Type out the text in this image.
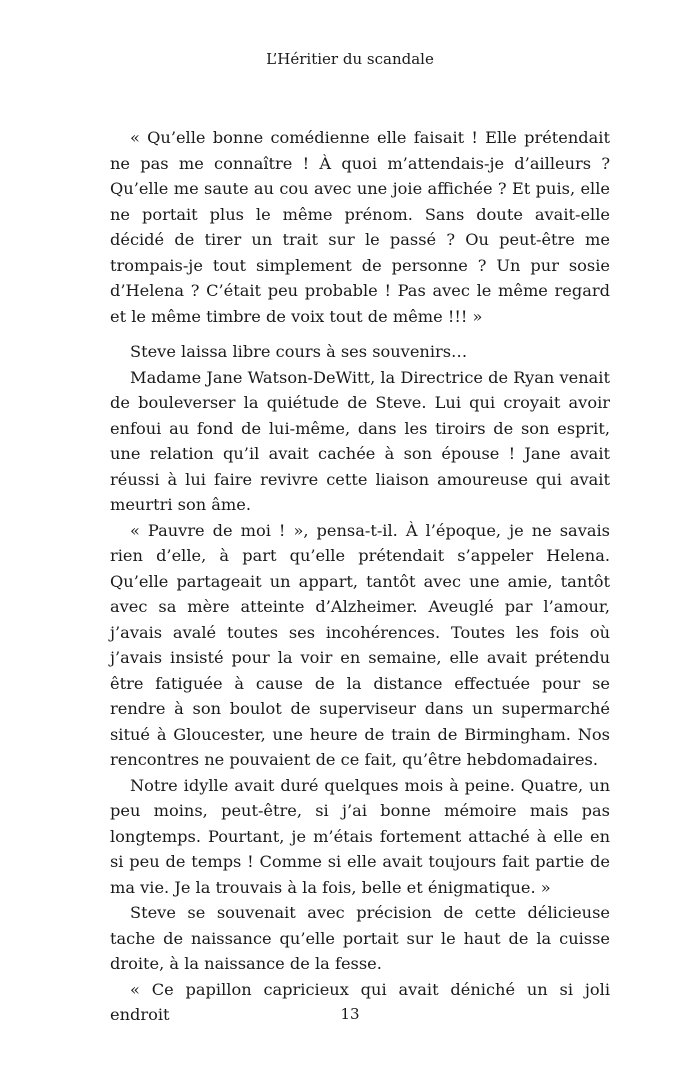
L’Héritier du scandale

« Qu’elle bonne comédienne elle faisait ! Elle prétendait ne pas me connaître ! À quoi m’attendais-je d’ailleurs ? Qu’elle me saute au cou avec une joie affichée ? Et puis, elle ne portait plus le même prénom. Sans doute avait-elle décidé de tirer un trait sur le passé ? Ou peut-être me trompais-je tout simplement de personne ? Un pur sosie d’Helena ? C’était peu probable ! Pas avec le même regard et le même timbre de voix tout de même !!! »

Steve laissa libre cours à ses souvenirs…

Madame Jane Watson-DeWitt, la Directrice de Ryan venait de bouleverser la quiétude de Steve. Lui qui croyait avoir enfoui au fond de lui-même, dans les tiroirs de son esprit, une relation qu’il avait cachée à son épouse ! Jane avait réussi à lui faire revivre cette liaison amoureuse qui avait meurtri son âme.

« Pauvre de moi ! », pensa-t-il. À l’époque, je ne savais rien d’elle, à part qu’elle prétendait s’appeler Helena. Qu’elle partageait un appart, tantôt avec une amie, tantôt avec sa mère atteinte d’Alzheimer. Aveuglé par l’amour, j’avais avalé toutes ses incohérences. Toutes les fois où j’avais insisté pour la voir en semaine, elle avait prétendu être fatiguée à cause de la distance effectuée pour se rendre à son boulot de superviseur dans un supermarché situé à Gloucester, une heure de train de Birmingham. Nos rencontres ne pouvaient de ce fait, qu’être hebdomadaires.

Notre idylle avait duré quelques mois à peine. Quatre, un peu moins, peut-être, si j’ai bonne mémoire mais pas longtemps. Pourtant, je m’étais fortement attaché à elle en si peu de temps ! Comme si elle avait toujours fait partie de ma vie. Je la trouvais à la fois, belle et énigmatique. »

Steve se souvenait avec précision de cette délicieuse tache de naissance qu’elle portait sur le haut de la cuisse droite, à la naissance de la fesse.

« Ce papillon capricieux qui avait déniché un si joli endroit	13
